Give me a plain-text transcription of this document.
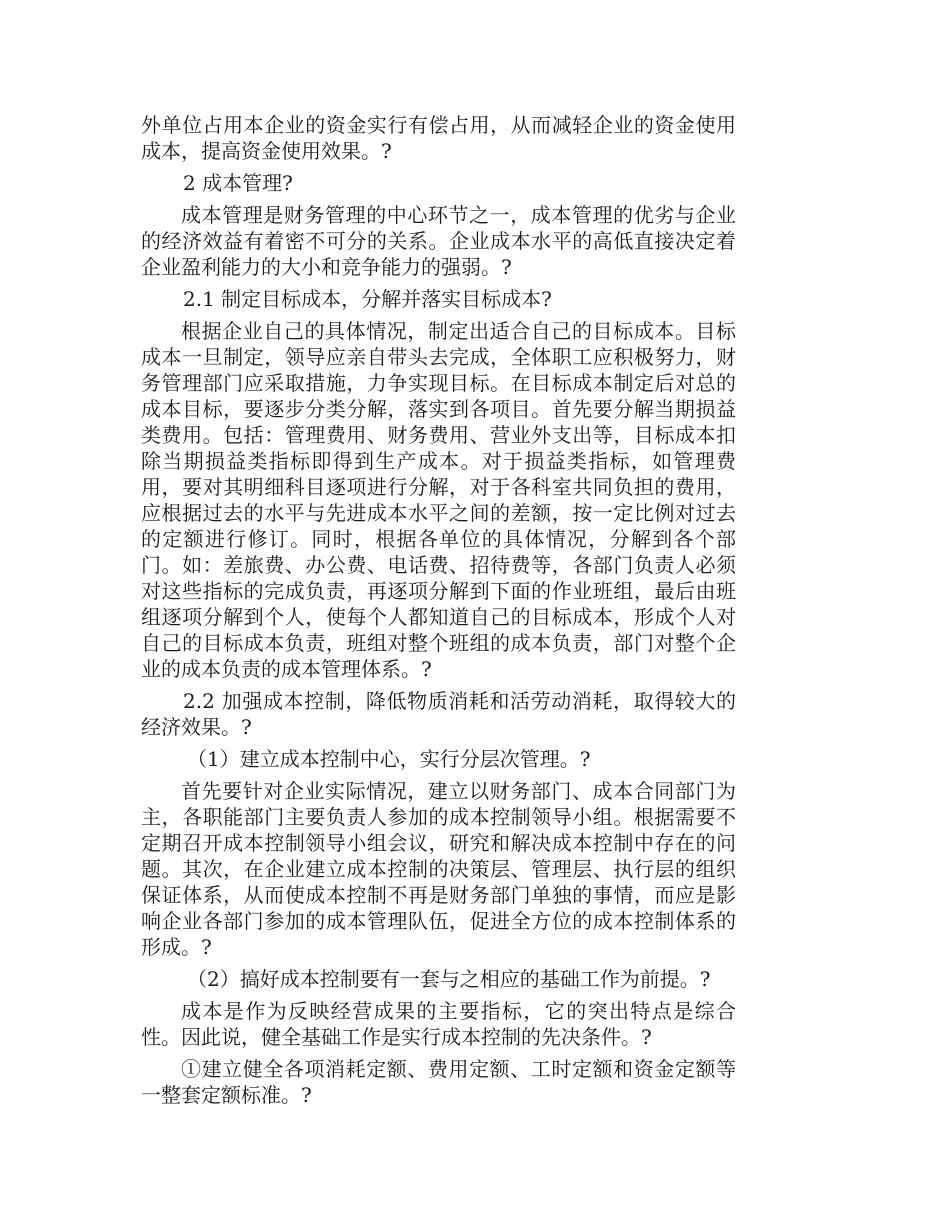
外单位占用本企业的资金实行有偿占用，从而减轻企业的资金使用成本，提高资金使用效果。?

2 成本管理?

成本管理是财务管理的中心环节之一，成本管理的优劣与企业的经济效益有着密不可分的关系。企业成本水平的高低直接决定着企业盈利能力的大小和竞争能力的强弱。?

2.1 制定目标成本，分解并落实目标成本?

根据企业自己的具体情况，制定出适合自己的目标成本。目标成本一旦制定，领导应亲自带头去完成，全体职工应积极努力，财务管理部门应采取措施，力争实现目标。在目标成本制定后对总的成本目标，要逐步分类分解，落实到各项目。首先要分解当期损益类费用。包括：管理费用、财务费用、营业外支出等，目标成本扣除当期损益类指标即得到生产成本。对于损益类指标，如管理费用，要对其明细科目逐项进行分解，对于各科室共同负担的费用，应根据过去的水平与先进成本水平之间的差额，按一定比例对过去的定额进行修订。同时，根据各单位的具体情况，分解到各个部门。如：差旅费、办公费、电话费、招待费等，各部门负责人必须对这些指标的完成负责，再逐项分解到下面的作业班组，最后由班组逐项分解到个人，使每个人都知道自己的目标成本，形成个人对自己的目标成本负责，班组对整个班组的成本负责，部门对整个企业的成本负责的成本管理体系。?

2.2 加强成本控制，降低物质消耗和活劳动消耗，取得较大的经济效果。?

（1）建立成本控制中心，实行分层次管理。?

首先要针对企业实际情况，建立以财务部门、成本合同部门为主，各职能部门主要负责人参加的成本控制领导小组。根据需要不定期召开成本控制领导小组会议，研究和解决成本控制中存在的问题。其次，在企业建立成本控制的决策层、管理层、执行层的组织保证体系，从而使成本控制不再是财务部门单独的事情，而应是影响企业各部门参加的成本管理队伍，促进全方位的成本控制体系的形成。?

（2）搞好成本控制要有一套与之相应的基础工作为前提。?

成本是作为反映经营成果的主要指标，它的突出特点是综合性。因此说，健全基础工作是实行成本控制的先决条件。?

①建立健全各项消耗定额、费用定额、工时定额和资金定额等一整套定额标准。?
